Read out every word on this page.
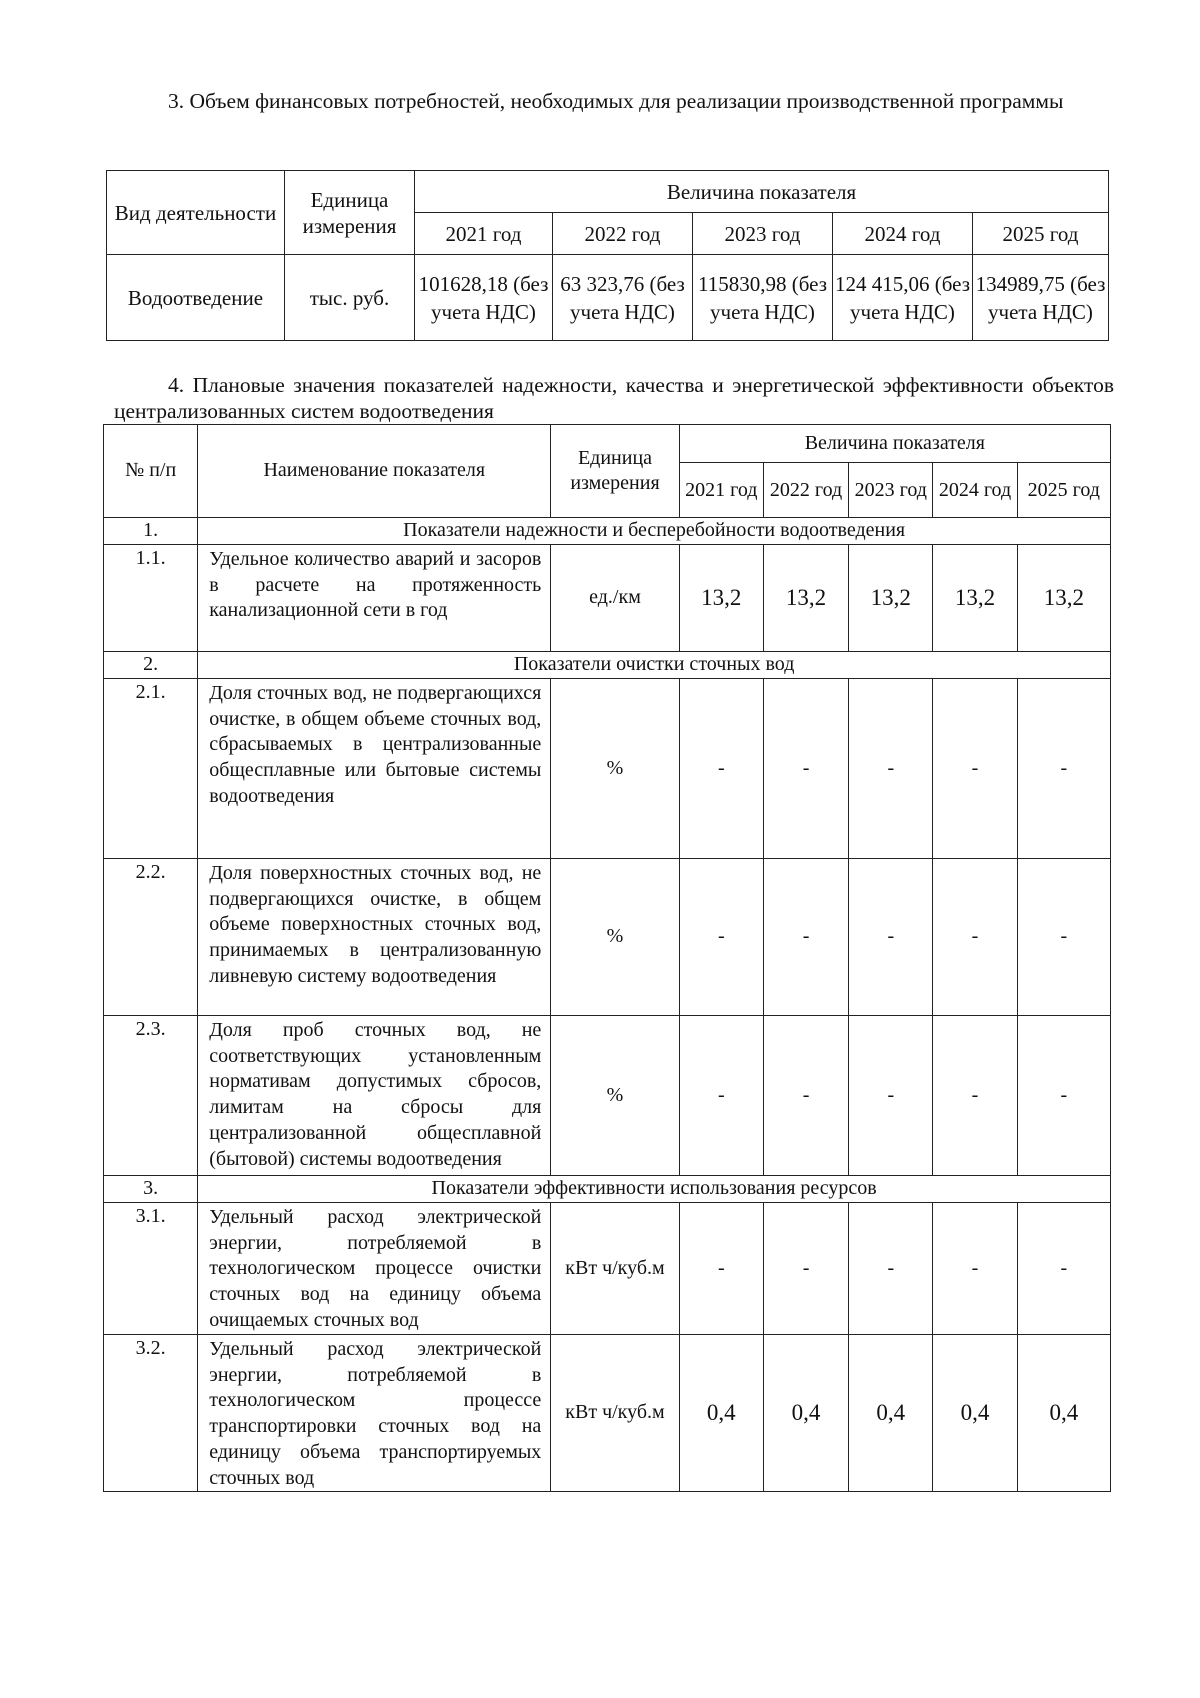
3. Объем финансовых потребностей, необходимых для реализации производственной программы

Вид деятельности	Единица измерения	Величина показателя				
		2021 год	2022 год	2023 год	2024 год	2025 год
Водоотведение	тыс. руб.	101628,18 (без учета НДС)	63 323,76 (без учета НДС)	115830,98 (без учета НДС)	124 415,06 (без учета НДС)	134989,75 (без учета НДС)

4. Плановые значения показателей надежности, качества и энергетической эффективности объектов централизованных систем водоотведения

№ п/п	Наименование показателя	Единица измерения	Величина показателя				
			2021 год	2022 год	2023 год	2024 год	2025 год
1.	Показатели надежности и бесперебойности водоотведения						
1.1.	Удельное количество аварий и засоров в расчете на протяженность канализационной сети в год	ед./км	13,2	13,2	13,2	13,2	13,2
2.	Показатели очистки сточных вод						
2.1.	Доля сточных вод, не подвергающихся очистке, в общем объеме сточных вод, сбрасываемых в централизованные общесплавные или бытовые системы водоотведения	%	-	-	-	-	-
2.2.	Доля поверхностных сточных вод, не подвергающихся очистке, в общем объеме поверхностных сточных вод, принимаемых в централизованную ливневую систему водоотведения	%	-	-	-	-	-
2.3.	Доля проб сточных вод, не соответствующих установленным нормативам допустимых сбросов, лимитам на сбросы для централизованной общесплавной (бытовой) системы водоотведения	%	-	-	-	-	-
3.	Показатели эффективности использования ресурсов						
3.1.	Удельный расход электрической энергии, потребляемой в технологическом процессе очистки сточных вод на единицу объема очищаемых сточных вод	кВт ч/куб.м	-	-	-	-	-
3.2.	Удельный расход электрической энергии, потребляемой в технологическом процессе транспортировки сточных вод на единицу объема транспортируемых сточных вод	кВт ч/куб.м	0,4	0,4	0,4	0,4	0,4
